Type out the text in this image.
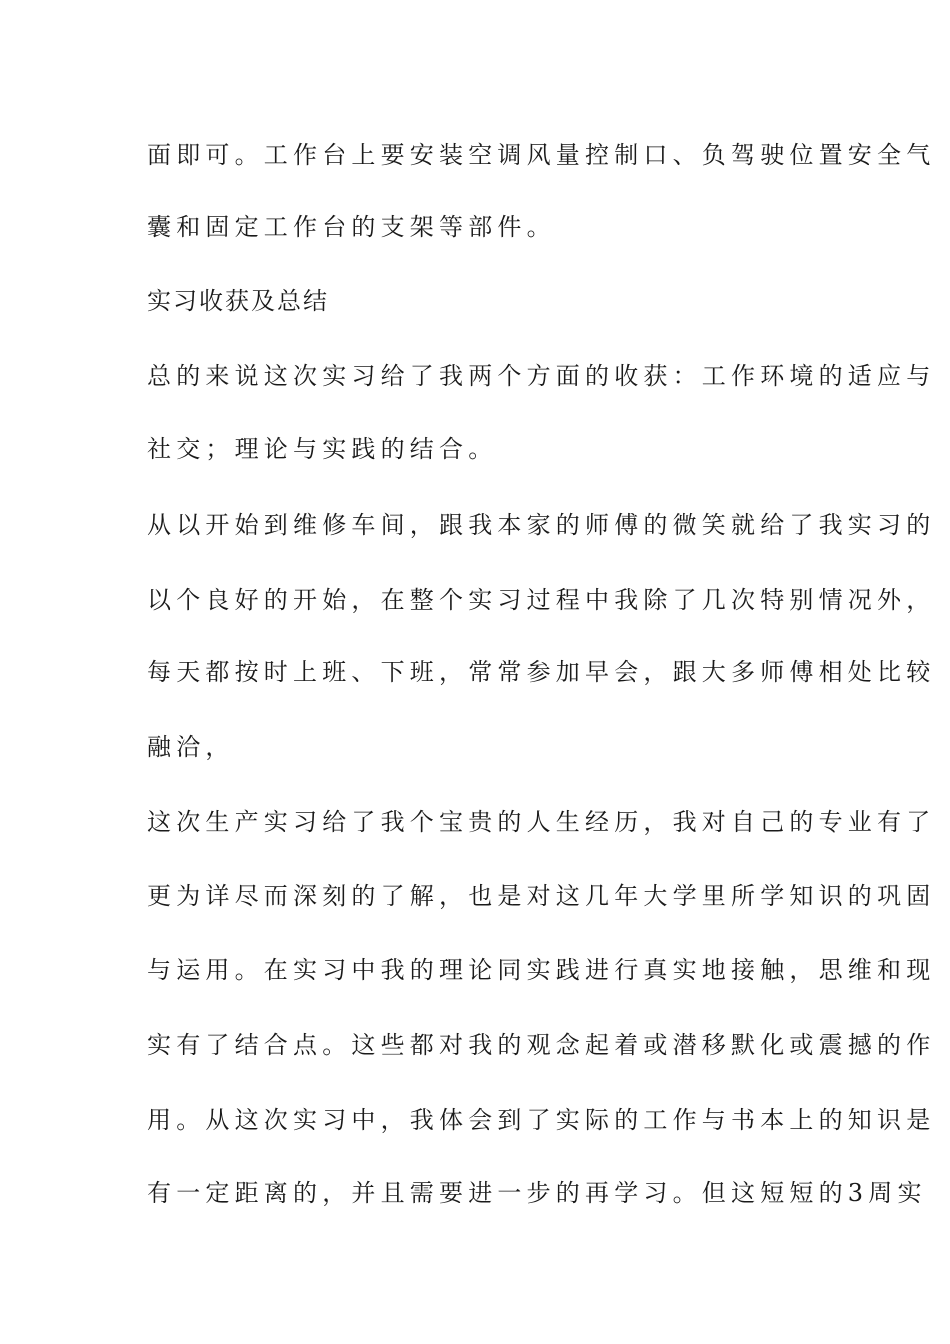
面即可。工作台上要安装空调风量控制口、负驾驶位置安全气
囊和固定工作台的支架等部件。
实习收获及总结
总的来说这次实习给了我两个方面的收获：工作环境的适应与
社交；理论与实践的结合。
从以开始到维修车间，跟我本家的师傅的微笑就给了我实习的
以个良好的开始，在整个实习过程中我除了几次特别情况外，
每天都按时上班、下班，常常参加早会，跟大多师傅相处比较
融洽，
这次生产实习给了我个宝贵的人生经历，我对自己的专业有了
更为详尽而深刻的了解，也是对这几年大学里所学知识的巩固
与运用。在实习中我的理论同实践进行真实地接触，思维和现
实有了结合点。这些都对我的观念起着或潜移默化或震撼的作
用。从这次实习中，我体会到了实际的工作与书本上的知识是
有一定距离的，并且需要进一步的再学习。但这短短的3周实
